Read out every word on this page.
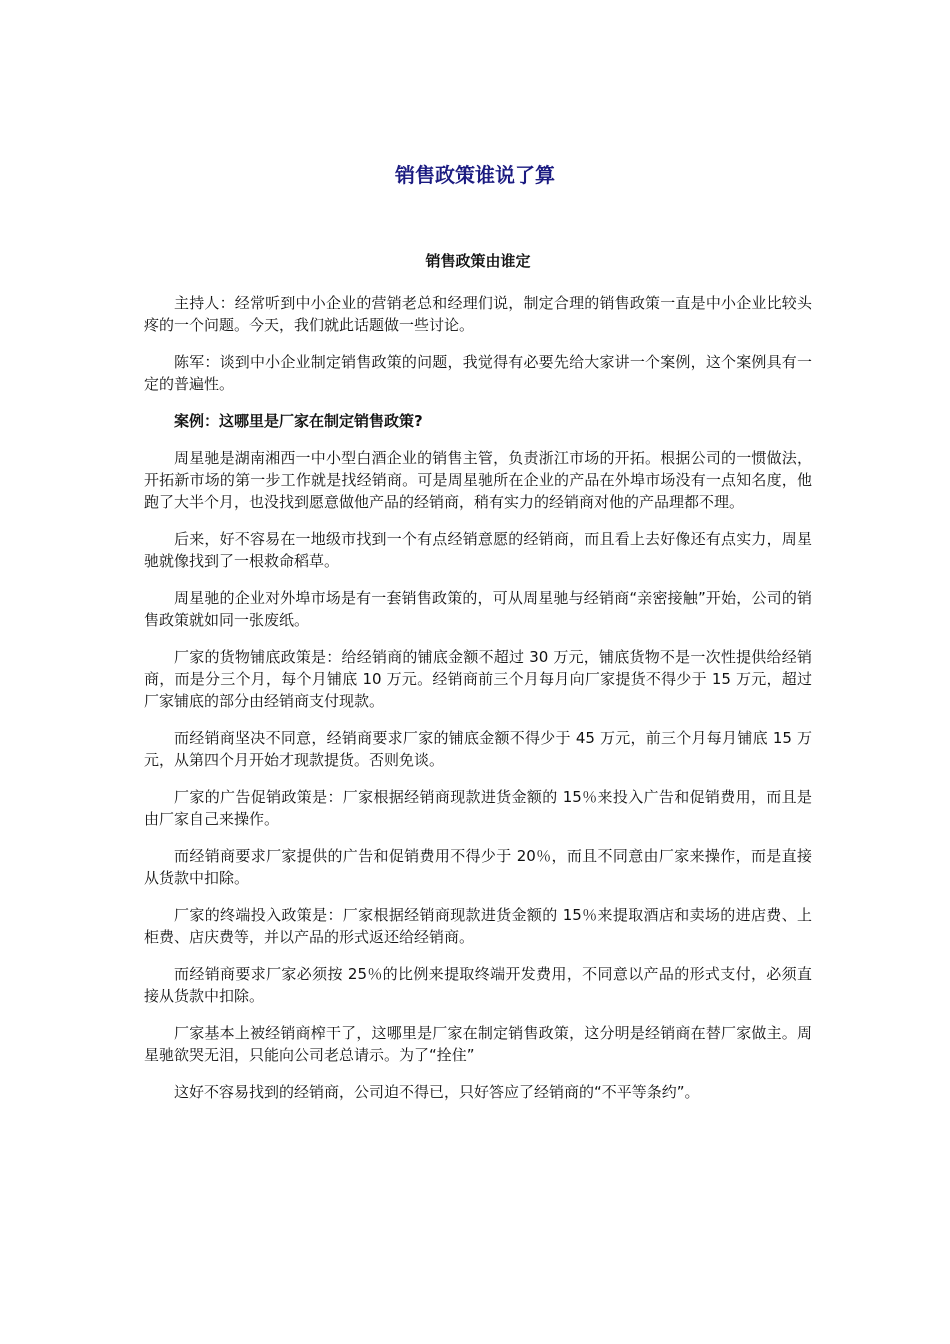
销售政策谁说了算
销售政策由谁定

主持人：经常听到中小企业的营销老总和经理们说，制定合理的销售政策一直是中小企业比较头疼的一个问题。今天，我们就此话题做一些讨论。

陈军：谈到中小企业制定销售政策的问题，我觉得有必要先给大家讲一个案例，这个案例具有一定的普遍性。

案例：这哪里是厂家在制定销售政策?

周星驰是湖南湘西一中小型白酒企业的销售主管，负责浙江市场的开拓。根据公司的一惯做法，开拓新市场的第一步工作就是找经销商。可是周星驰所在企业的产品在外埠市场没有一点知名度，他跑了大半个月，也没找到愿意做他产品的经销商，稍有实力的经销商对他的产品理都不理。

后来，好不容易在一地级市找到一个有点经销意愿的经销商，而且看上去好像还有点实力，周星驰就像找到了一根救命稻草。

周星驰的企业对外埠市场是有一套销售政策的，可从周星驰与经销商“亲密接触”开始，公司的销售政策就如同一张废纸。

厂家的货物铺底政策是：给经销商的铺底金额不超过 30 万元，铺底货物不是一次性提供给经销商，而是分三个月，每个月铺底 10 万元。经销商前三个月每月向厂家提货不得少于 15 万元，超过厂家铺底的部分由经销商支付现款。

而经销商坚决不同意，经销商要求厂家的铺底金额不得少于 45 万元，前三个月每月铺底 15 万元，从第四个月开始才现款提货。否则免谈。

厂家的广告促销政策是：厂家根据经销商现款进货金额的 15％来投入广告和促销费用，而且是由厂家自己来操作。

而经销商要求厂家提供的广告和促销费用不得少于 20％，而且不同意由厂家来操作，而是直接从货款中扣除。

厂家的终端投入政策是：厂家根据经销商现款进货金额的 15％来提取酒店和卖场的进店费、上柜费、店庆费等，并以产品的形式返还给经销商。

而经销商要求厂家必须按 25％的比例来提取终端开发费用，不同意以产品的形式支付，必须直接从货款中扣除。

厂家基本上被经销商榨干了，这哪里是厂家在制定销售政策，这分明是经销商在替厂家做主。周星驰欲哭无泪，只能向公司老总请示。为了“拴住”

这好不容易找到的经销商，公司迫不得已，只好答应了经销商的“不平等条约”。
